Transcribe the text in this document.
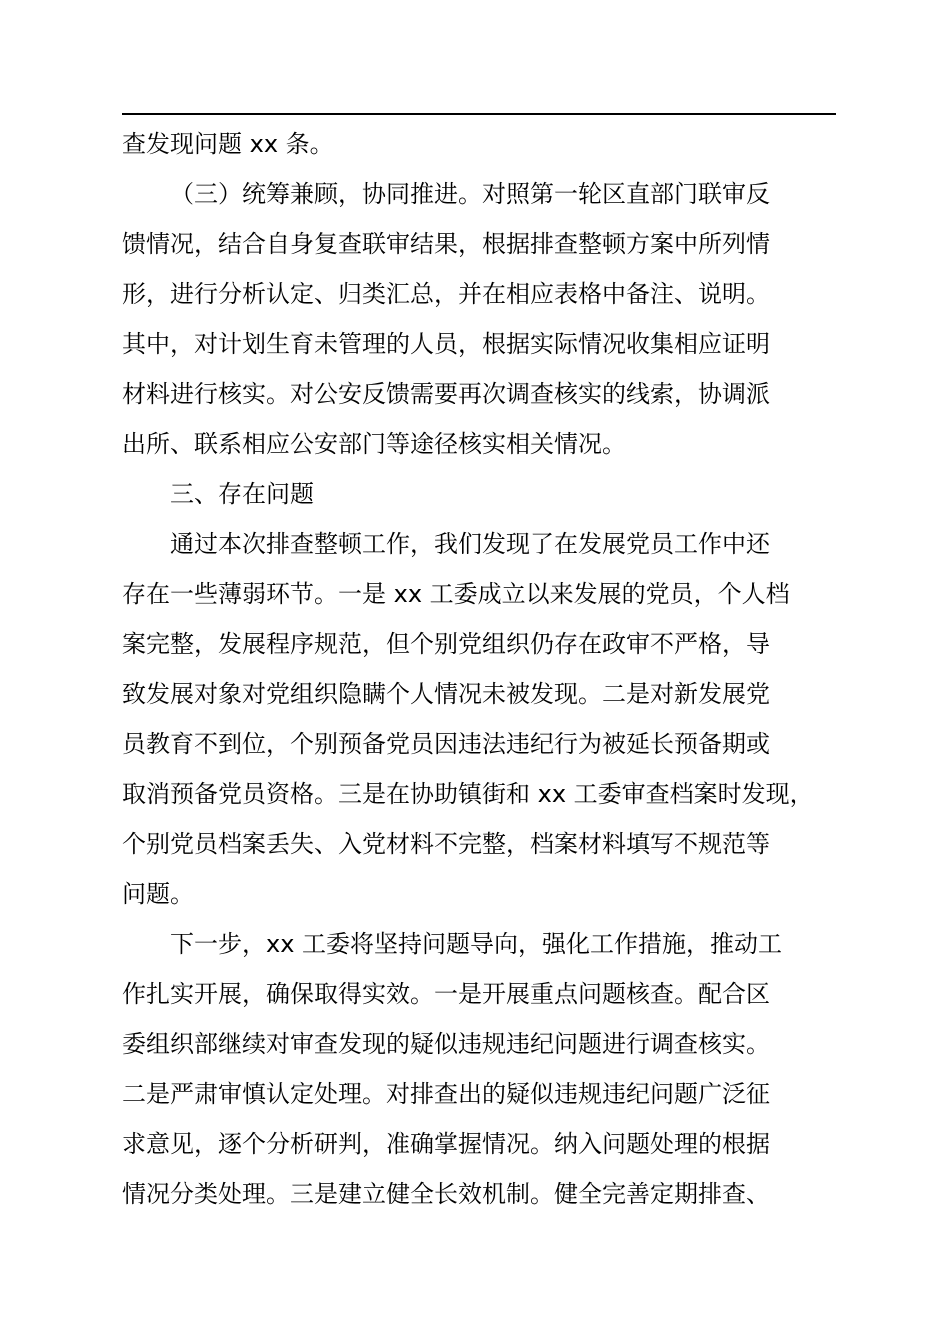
查发现问题 xx 条。
（三）统筹兼顾，协同推进。对照第一轮区直部门联审反
馈情况，结合自身复查联审结果，根据排查整顿方案中所列情
形，进行分析认定、归类汇总，并在相应表格中备注、说明。
其中，对计划生育未管理的人员，根据实际情况收集相应证明
材料进行核实。对公安反馈需要再次调查核实的线索，协调派
出所、联系相应公安部门等途径核实相关情况。
三、存在问题
通过本次排查整顿工作，我们发现了在发展党员工作中还
存在一些薄弱环节。一是 xx 工委成立以来发展的党员，个人档
案完整，发展程序规范，但个别党组织仍存在政审不严格，导
致发展对象对党组织隐瞒个人情况未被发现。二是对新发展党
员教育不到位，个别预备党员因违法违纪行为被延长预备期或
取消预备党员资格。三是在协助镇街和 xx 工委审查档案时发现，
个别党员档案丢失、入党材料不完整，档案材料填写不规范等
问题。
下一步，xx 工委将坚持问题导向，强化工作措施，推动工
作扎实开展，确保取得实效。一是开展重点问题核查。配合区
委组织部继续对审查发现的疑似违规违纪问题进行调查核实。
二是严肃审慎认定处理。对排查出的疑似违规违纪问题广泛征
求意见，逐个分析研判，准确掌握情况。纳入问题处理的根据
情况分类处理。三是建立健全长效机制。健全完善定期排查、
